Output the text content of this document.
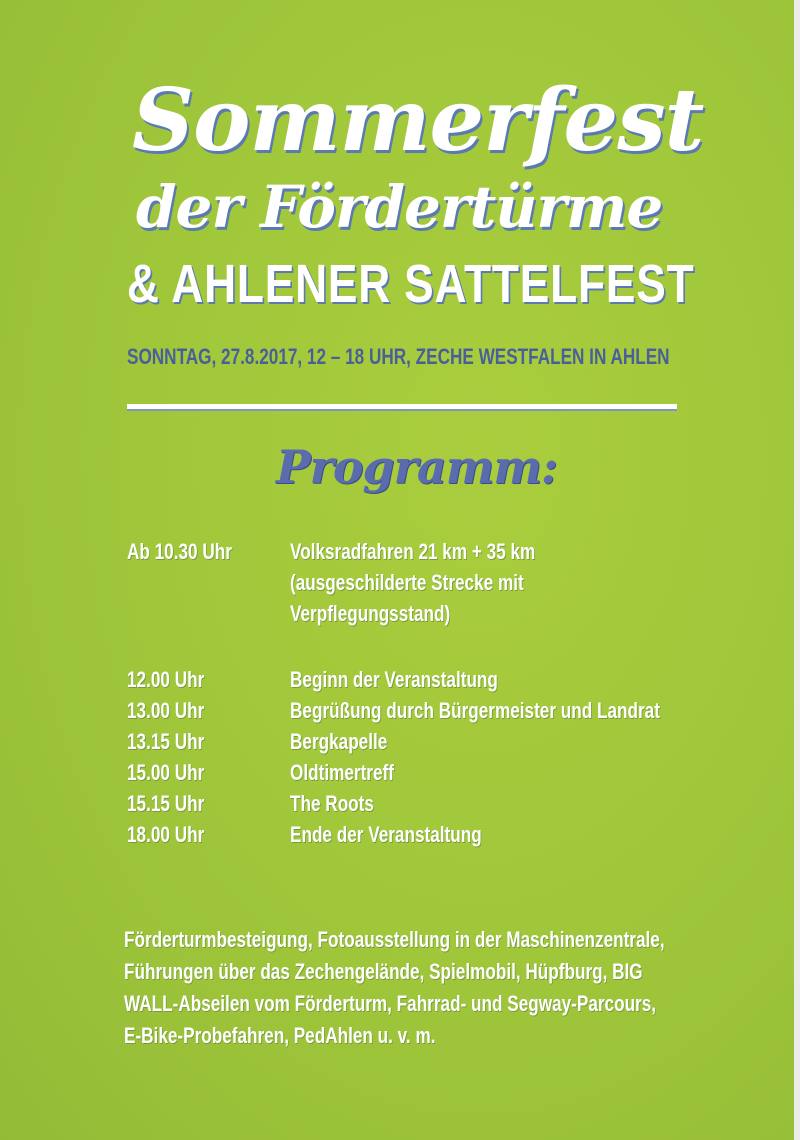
Sommerfest
der Fördertürme
& AHLENER SATTELFEST
SONNTAG, 27.8.2017, 12 – 18 UHR, ZECHE WESTFALEN IN AHLEN
Programm:
Ab 10.30 Uhr	Volksradfahren 21 km + 35 km
(ausgeschilderte Strecke mit
Verpflegungsstand)
12.00 Uhr	Beginn der Veranstaltung
13.00 Uhr	Begrüßung durch Bürgermeister und Landrat
13.15 Uhr	Bergkapelle
15.00 Uhr	Oldtimertreff
15.15 Uhr	The Roots
18.00 Uhr	Ende der Veranstaltung
Förderturmbesteigung, Fotoausstellung in der Maschinenzentrale,
Führungen über das Zechengelände, Spielmobil, Hüpfburg, BIG
WALL-Abseilen vom Förderturm, Fahrrad- und Segway-Parcours,
E-Bike-Probefahren, PedAhlen u. v. m.
